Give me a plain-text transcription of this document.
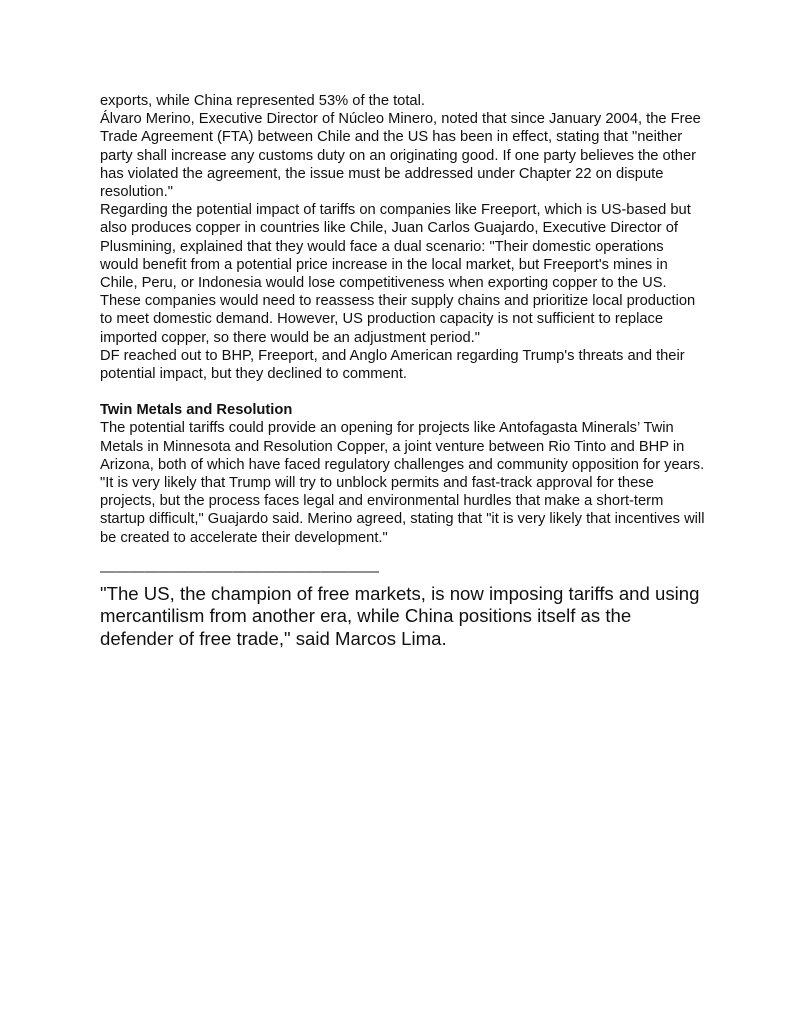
exports, while China represented 53% of the total.

Álvaro Merino, Executive Director of Núcleo Minero, noted that since January 2004, the Free Trade Agreement (FTA) between Chile and the US has been in effect, stating that "neither party shall increase any customs duty on an originating good. If one party believes the other has violated the agreement, the issue must be addressed under Chapter 22 on dispute resolution."

Regarding the potential impact of tariffs on companies like Freeport, which is US-based but also produces copper in countries like Chile, Juan Carlos Guajardo, Executive Director of Plusmining, explained that they would face a dual scenario: "Their domestic operations would benefit from a potential price increase in the local market, but Freeport's mines in Chile, Peru, or Indonesia would lose competitiveness when exporting copper to the US. These companies would need to reassess their supply chains and prioritize local production to meet domestic demand. However, US production capacity is not sufficient to replace imported copper, so there would be an adjustment period."

DF reached out to BHP, Freeport, and Anglo American regarding Trump's threats and their potential impact, but they declined to comment.

Twin Metals and Resolution

The potential tariffs could provide an opening for projects like Antofagasta Minerals’ Twin Metals in Minnesota and Resolution Copper, a joint venture between Rio Tinto and BHP in Arizona, both of which have faced regulatory challenges and community opposition for years.

"It is very likely that Trump will try to unblock permits and fast-track approval for these projects, but the process faces legal and environmental hurdles that make a short-term startup difficult," Guajardo said. Merino agreed, stating that "it is very likely that incentives will be created to accelerate their development."

———————————————————

"The US, the champion of free markets, is now imposing tariffs and using mercantilism from another era, while China positions itself as the defender of free trade," said Marcos Lima.
